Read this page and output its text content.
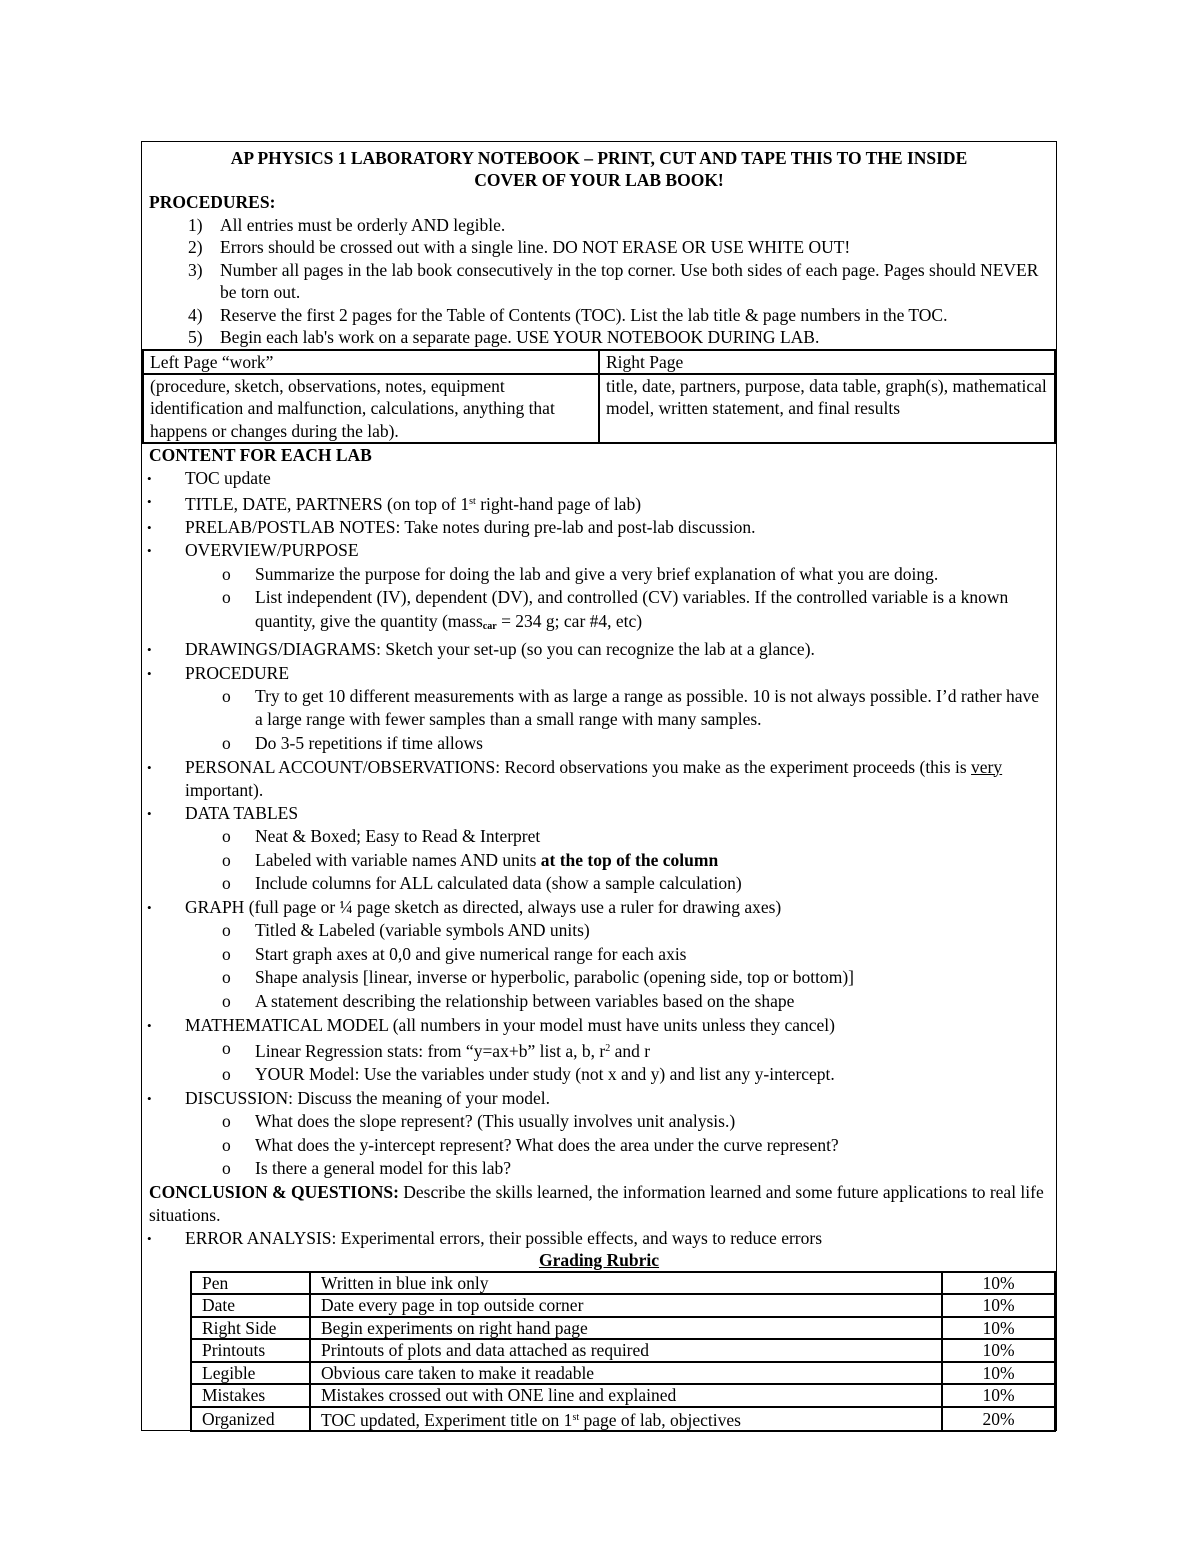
AP PHYSICS 1 LABORATORY NOTEBOOK – PRINT, CUT AND TAPE THIS TO THE INSIDE
COVER OF YOUR LAB BOOK!
PROCEDURES:
1) All entries must be orderly AND legible.
2) Errors should be crossed out with a single line. DO NOT ERASE OR USE WHITE OUT!
3) Number all pages in the lab book consecutively in the top corner. Use both sides of each page. Pages should NEVER be torn out.
4) Reserve the first 2 pages for the Table of Contents (TOC). List the lab title & page numbers in the TOC.
5) Begin each lab's work on a separate page. USE YOUR NOTEBOOK DURING LAB.
Left Page “work”	Right Page
(procedure, sketch, observations, notes, equipment identification and malfunction, calculations, anything that happens or changes during the lab).	title, date, partners, purpose, data table, graph(s), mathematical model, written statement, and final results
CONTENT FOR EACH LAB
• TOC update
• TITLE, DATE, PARTNERS (on top of 1st right-hand page of lab)
• PRELAB/POSTLAB NOTES: Take notes during pre-lab and post-lab discussion.
• OVERVIEW/PURPOSE
o Summarize the purpose for doing the lab and give a very brief explanation of what you are doing.
o List independent (IV), dependent (DV), and controlled (CV) variables. If the controlled variable is a known quantity, give the quantity (mass$_{car}$ = 234 g; car #4, etc)
• DRAWINGS/DIAGRAMS: Sketch your set-up (so you can recognize the lab at a glance).
• PROCEDURE
o Try to get 10 different measurements with as large a range as possible. 10 is not always possible. I’d rather have a large range with fewer samples than a small range with many samples.
o Do 3-5 repetitions if time allows
• PERSONAL ACCOUNT/OBSERVATIONS: Record observations you make as the experiment proceeds (this is very important).
• DATA TABLES
o Neat & Boxed; Easy to Read & Interpret
o Labeled with variable names AND units at the top of the column
o Include columns for ALL calculated data (show a sample calculation)
• GRAPH (full page or ¼ page sketch as directed, always use a ruler for drawing axes)
o Titled & Labeled (variable symbols AND units)
o Start graph axes at 0,0 and give numerical range for each axis
o Shape analysis [linear, inverse or hyperbolic, parabolic (opening side, top or bottom)]
o A statement describing the relationship between variables based on the shape
• MATHEMATICAL MODEL (all numbers in your model must have units unless they cancel)
o Linear Regression stats: from “y=ax+b” list a, b, $r^2$ and r
o YOUR Model: Use the variables under study (not x and y) and list any y-intercept.
• DISCUSSION: Discuss the meaning of your model.
o What does the slope represent? (This usually involves unit analysis.)
o What does the y-intercept represent? What does the area under the curve represent?
o Is there a general model for this lab?
CONCLUSION & QUESTIONS: Describe the skills learned, the information learned and some future applications to real life situations.
• ERROR ANALYSIS: Experimental errors, their possible effects, and ways to reduce errors
Grading Rubric
Pen	Written in blue ink only	10%
Date	Date every page in top outside corner	10%
Right Side	Begin experiments on right hand page	10%
Printouts	Printouts of plots and data attached as required	10%
Legible	Obvious care taken to make it readable	10%
Mistakes	Mistakes crossed out with ONE line and explained	10%
Organized	TOC updated, Experiment title on 1st page of lab, objectives	20%
